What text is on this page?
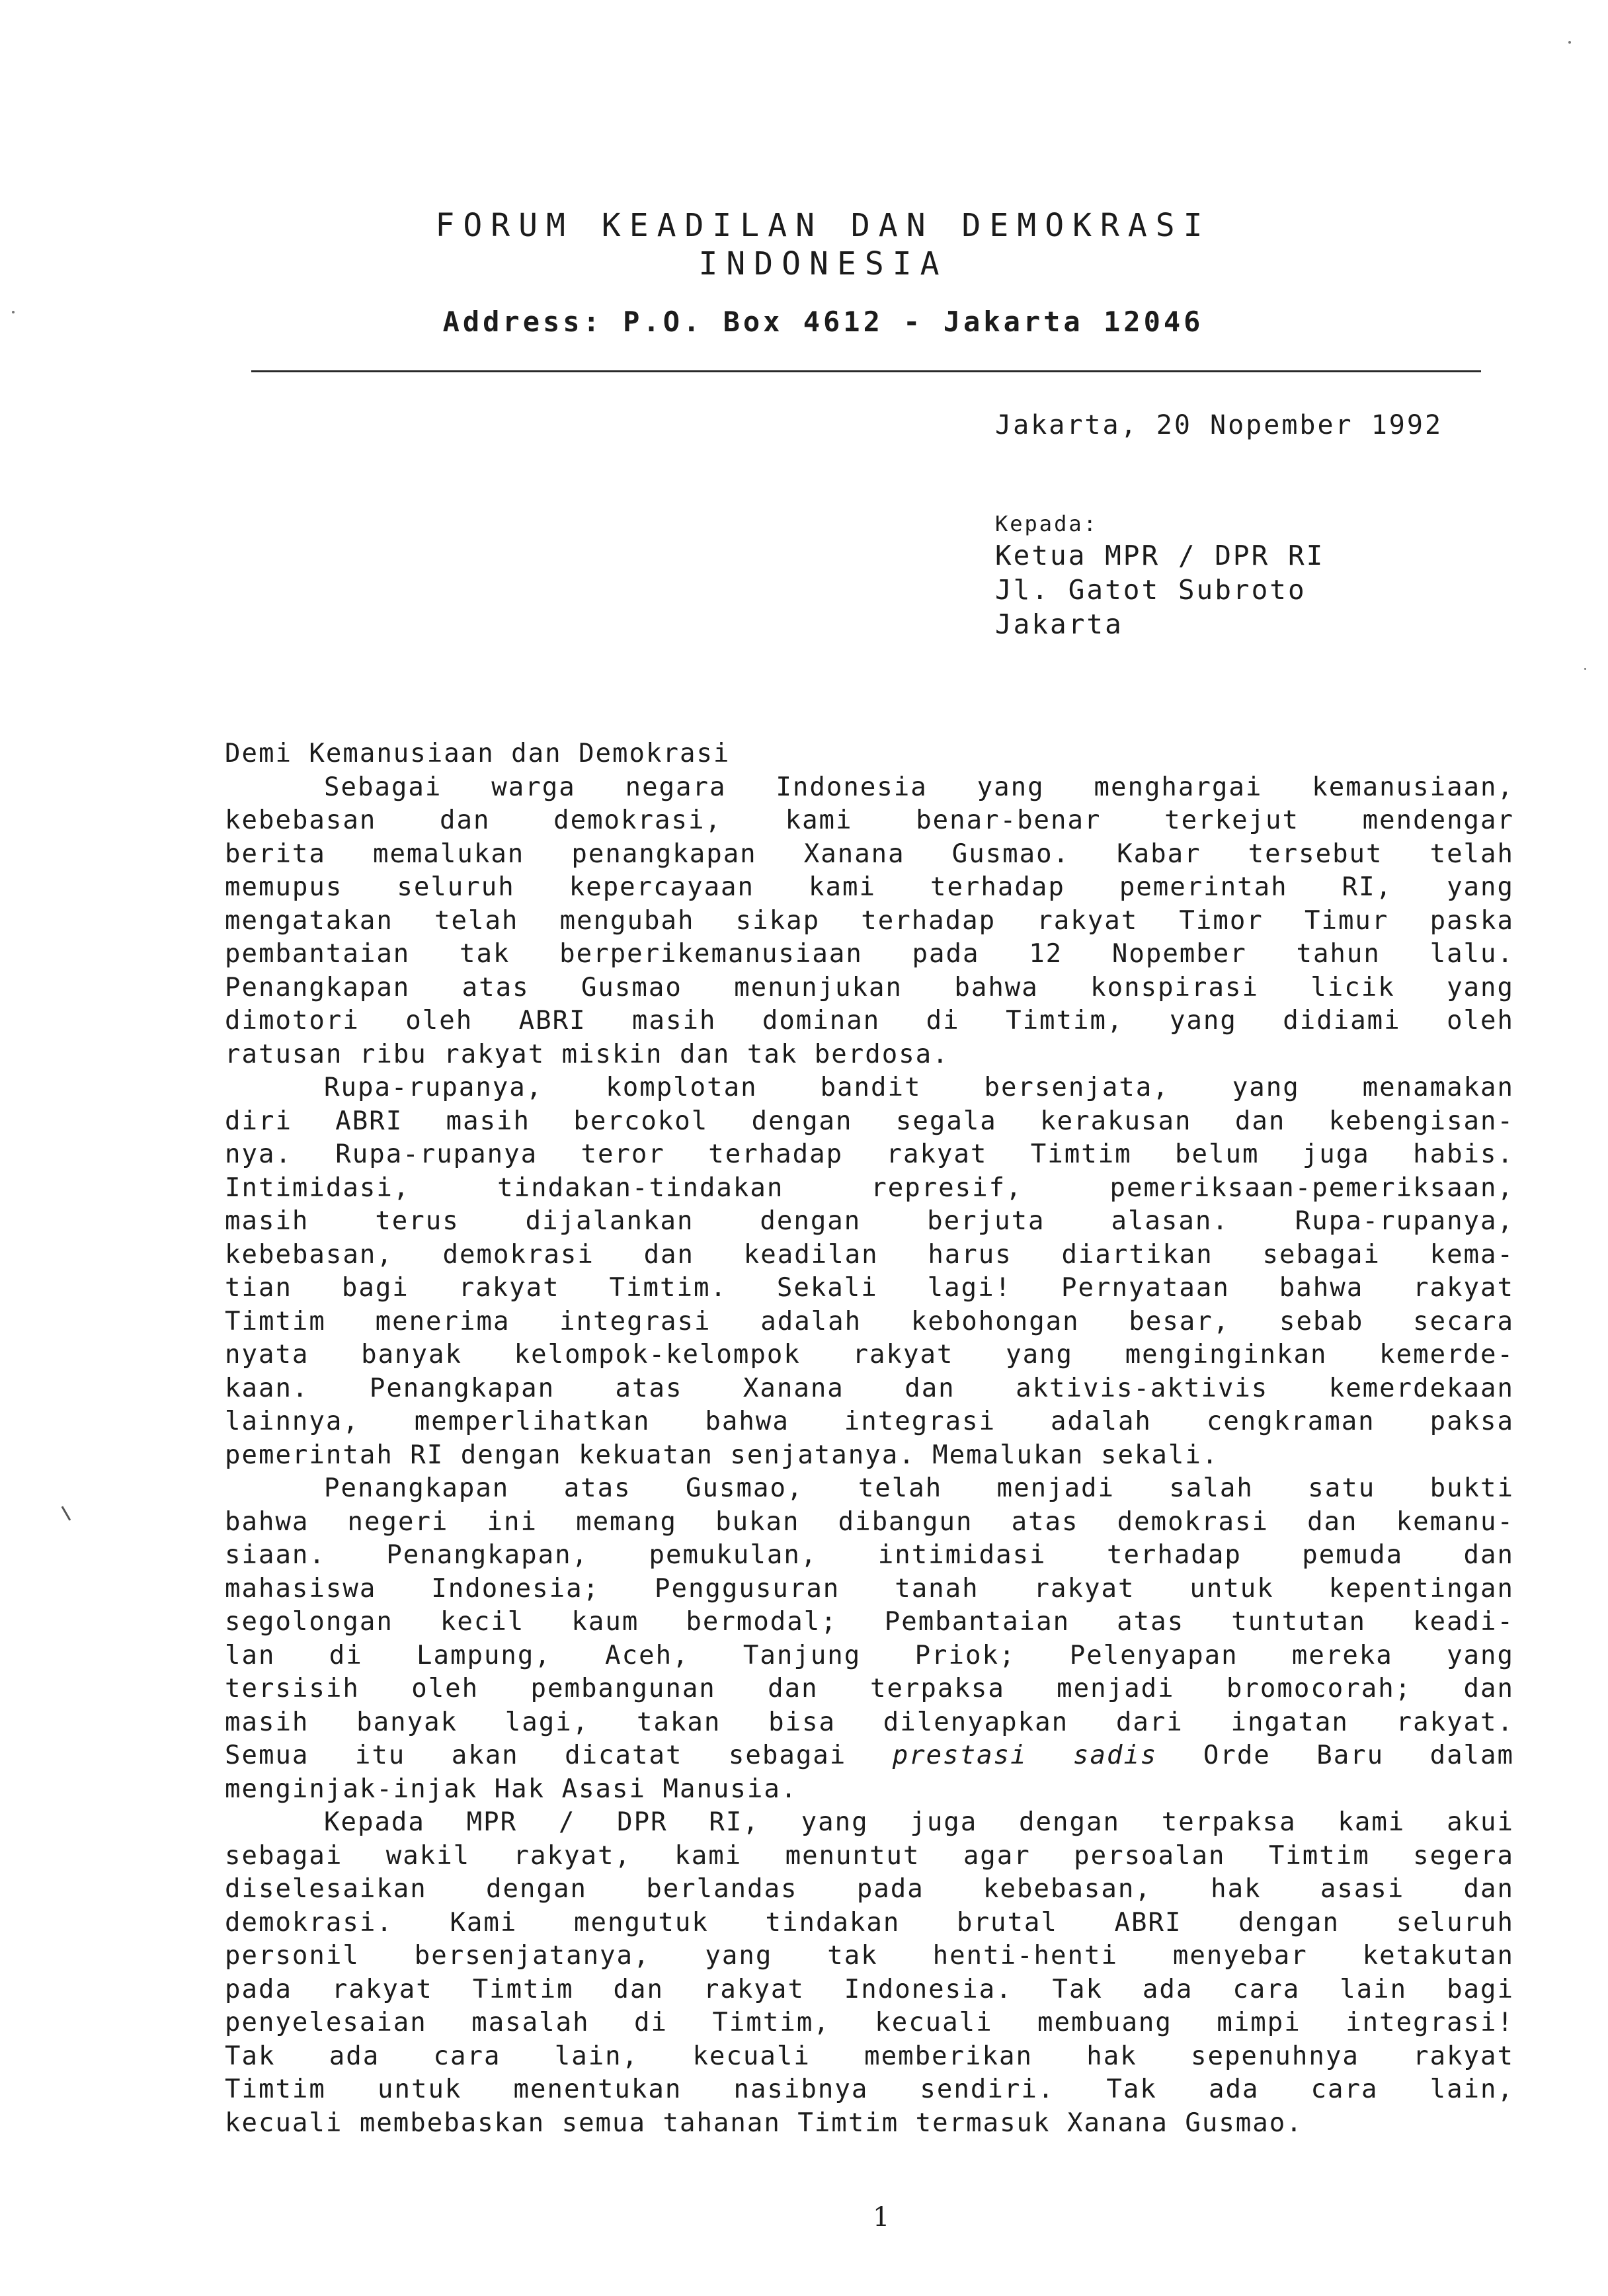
FORUM KEADILAN DAN DEMOKRASI
INDONESIA
Address: P.O. Box 4612 - Jakarta 12046
Jakarta, 20 Nopember 1992
Kepada:
Ketua MPR / DPR RI
Jl. Gatot Subroto
Jakarta
Demi Kemanusiaan dan Demokrasi
Sebagai warga negara Indonesia yang menghargai kemanusiaan,
kebebasan dan demokrasi, kami benar-benar terkejut mendengar
berita memalukan penangkapan Xanana Gusmao. Kabar tersebut telah
memupus seluruh kepercayaan kami terhadap pemerintah RI, yang
mengatakan telah mengubah sikap terhadap rakyat Timor Timur paska
pembantaian tak berperikemanusiaan pada 12 Nopember tahun lalu.
Penangkapan atas Gusmao menunjukan bahwa konspirasi licik yang
dimotori oleh ABRI masih dominan di Timtim, yang didiami oleh
ratusan ribu rakyat miskin dan tak berdosa.
Rupa-rupanya, komplotan bandit bersenjata, yang menamakan
diri ABRI masih bercokol dengan segala kerakusan dan kebengisan-
nya. Rupa-rupanya teror terhadap rakyat Timtim belum juga habis.
Intimidasi, tindakan-tindakan represif, pemeriksaan-pemeriksaan,
masih terus dijalankan dengan berjuta alasan. Rupa-rupanya,
kebebasan, demokrasi dan keadilan harus diartikan sebagai kema-
tian bagi rakyat Timtim. Sekali lagi! Pernyataan bahwa rakyat
Timtim menerima integrasi adalah kebohongan besar, sebab secara
nyata banyak kelompok-kelompok rakyat yang menginginkan kemerde-
kaan. Penangkapan atas Xanana dan aktivis-aktivis kemerdekaan
lainnya, memperlihatkan bahwa integrasi adalah cengkraman paksa
pemerintah RI dengan kekuatan senjatanya. Memalukan sekali.
Penangkapan atas Gusmao, telah menjadi salah satu bukti
bahwa negeri ini memang bukan dibangun atas demokrasi dan kemanu-
siaan. Penangkapan, pemukulan, intimidasi terhadap pemuda dan
mahasiswa Indonesia; Penggusuran tanah rakyat untuk kepentingan
segolongan kecil kaum bermodal; Pembantaian atas tuntutan keadi-
lan di Lampung, Aceh, Tanjung Priok; Pelenyapan mereka yang
tersisih oleh pembangunan dan terpaksa menjadi bromocorah; dan
masih banyak lagi, takan bisa dilenyapkan dari ingatan rakyat.
Semua itu akan dicatat sebagai prestasi sadis Orde Baru dalam
menginjak-injak Hak Asasi Manusia.
Kepada MPR / DPR RI, yang juga dengan terpaksa kami akui
sebagai wakil rakyat, kami menuntut agar persoalan Timtim segera
diselesaikan dengan berlandas pada kebebasan, hak asasi dan
demokrasi. Kami mengutuk tindakan brutal ABRI dengan seluruh
personil bersenjatanya, yang tak henti-henti menyebar ketakutan
pada rakyat Timtim dan rakyat Indonesia. Tak ada cara lain bagi
penyelesaian masalah di Timtim, kecuali membuang mimpi integrasi!
Tak ada cara lain, kecuali memberikan hak sepenuhnya rakyat
Timtim untuk menentukan nasibnya sendiri. Tak ada cara lain,
kecuali membebaskan semua tahanan Timtim termasuk Xanana Gusmao.
1
